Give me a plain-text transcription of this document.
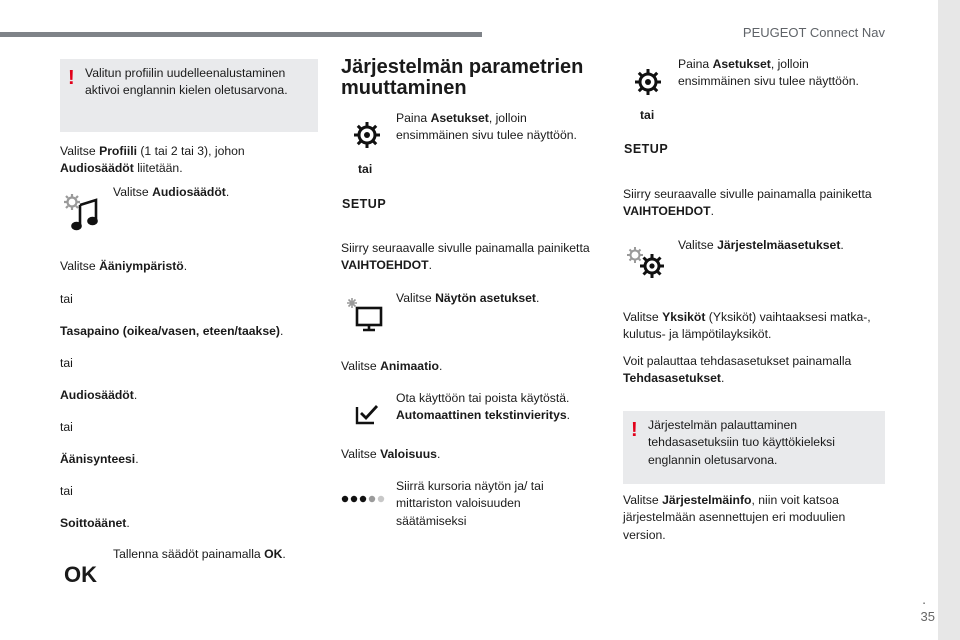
PEUGEOT Connect Nav
.
35
! Valitun profiilin uudelleenalustaminen aktivoi englannin kielen oletusarvona.

Valitse Profiili (1 tai 2 tai 3), johon Audiosäädöt liitetään.

Valitse Audiosäädöt.

Valitse Ääniympäristö.

tai

Tasapaino (oikea/vasen, eteen/taakse).

tai

Audiosäädöt.

tai

Äänisynteesi.

tai

Soittoäänet.

OK

Tallenna säädöt painamalla OK.

Järjestelmän parametrien muuttaminen

Paina Asetukset, jolloin ensimmäinen sivu tulee näyttöön.

tai

SETUP

Siirry seuraavalle sivulle painamalla painiketta VAIHTOEHDOT.

Valitse Näytön asetukset.

Valitse Animaatio.

Ota käyttöön tai poista käytöstä. Automaattinen tekstinvieritys.

Valitse Valoisuus.

Siirrä kursoria näytön ja/ tai mittariston valoisuuden säätämiseksi

Paina Asetukset, jolloin ensimmäinen sivu tulee näyttöön.

tai

SETUP

Siirry seuraavalle sivulle painamalla painiketta VAIHTOEHDOT.

Valitse Järjestelmäasetukset.

Valitse Yksiköt (Yksiköt) vaihtaaksesi matka-, kulutus- ja lämpötilayksiköt.

Voit palauttaa tehdasasetukset painamalla Tehdasasetukset.

! Järjestelmän palauttaminen tehdasasetuksiin tuo käyttökieleksi englannin oletusarvona.

Valitse Järjestelmäinfo, niin voit katsoa järjestelmään asennettujen eri moduulien version.
